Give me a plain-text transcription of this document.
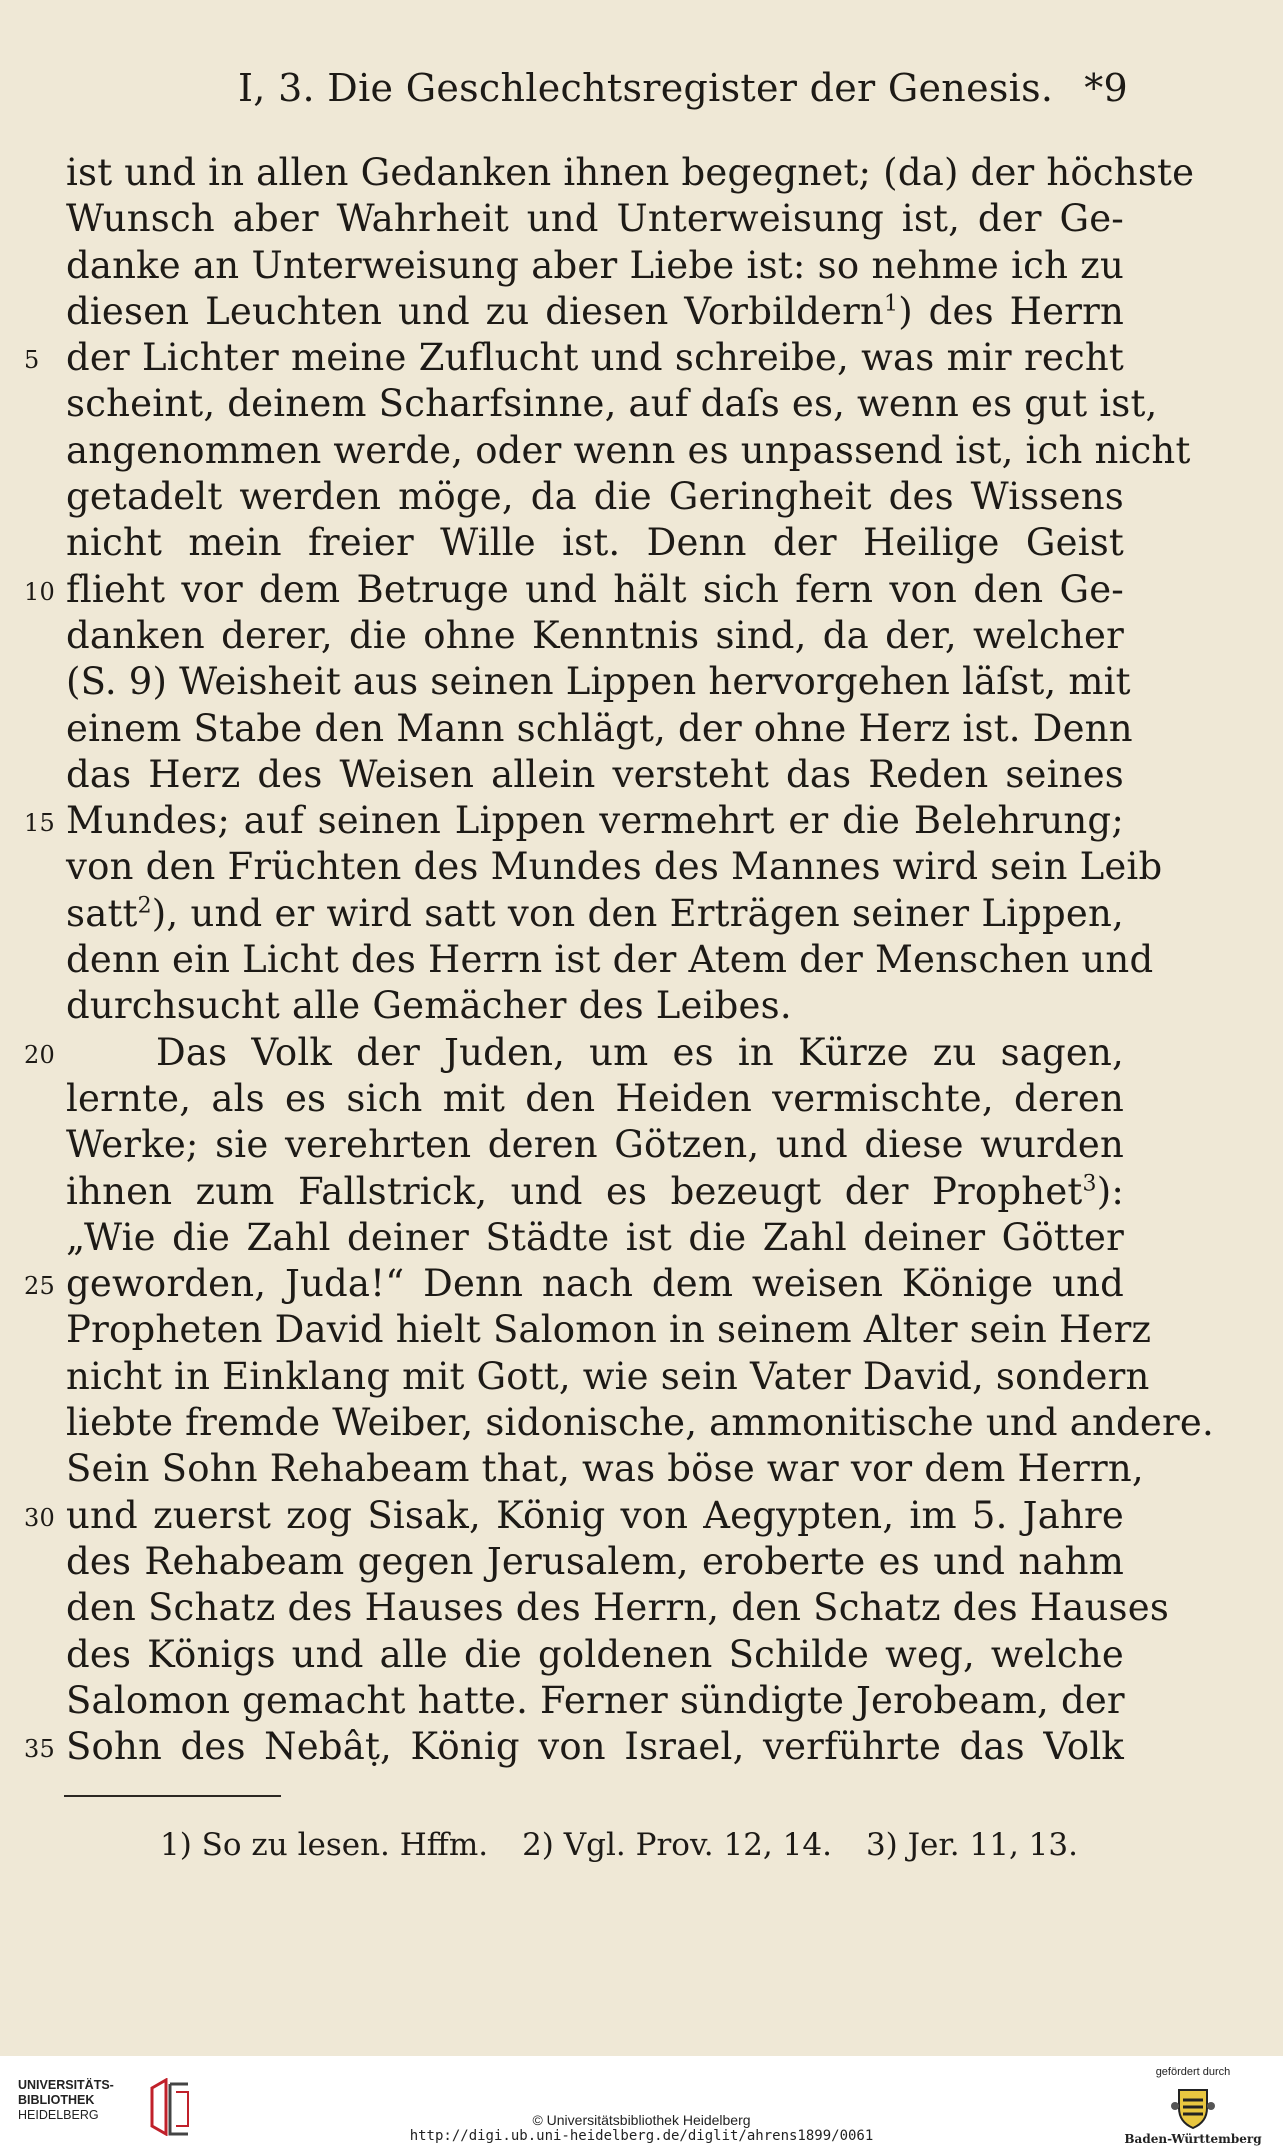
I, 3. Die Geschlechtsregister der Genesis. *9
ist und in allen Gedanken ihnen begegnet; (da) der höchste
Wunsch aber Wahrheit und Unterweisung ist, der Ge-
danke an Unterweisung aber Liebe ist: so nehme ich zu
diesen Leuchten und zu diesen Vorbildern$^1$) des Herrn
5 der Lichter meine Zuflucht und schreibe, was mir recht
scheint, deinem Scharfsinne, auf daſs es, wenn es gut ist,
angenommen werde, oder wenn es unpassend ist, ich nicht
getadelt werden möge, da die Geringheit des Wissens
nicht mein freier Wille ist. Denn der Heilige Geist
10 flieht vor dem Betruge und hält sich fern von den Ge-
danken derer, die ohne Kenntnis sind, da der, welcher
(S. 9) Weisheit aus seinen Lippen hervorgehen läſst, mit
einem Stabe den Mann schlägt, der ohne Herz ist. Denn
das Herz des Weisen allein versteht das Reden seines
15 Mundes; auf seinen Lippen vermehrt er die Belehrung;
von den Früchten des Mundes des Mannes wird sein Leib
satt$^2$), und er wird satt von den Erträgen seiner Lippen,
denn ein Licht des Herrn ist der Atem der Menschen und
durchsucht alle Gemächer des Leibes.
20	Das Volk der Juden, um es in Kürze zu sagen,
lernte, als es sich mit den Heiden vermischte, deren
Werke; sie verehrten deren Götzen, und diese wurden
ihnen zum Fallstrick, und es bezeugt der Prophet$^3$):
„Wie die Zahl deiner Städte ist die Zahl deiner Götter
25 geworden, Juda!“ Denn nach dem weisen Könige und
Propheten David hielt Salomon in seinem Alter sein Herz
nicht in Einklang mit Gott, wie sein Vater David, sondern
liebte fremde Weiber, sidonische, ammonitische und andere.
Sein Sohn Rehabeam that, was böse war vor dem Herrn,
30 und zuerst zog Sisak, König von Aegypten, im 5. Jahre
des Rehabeam gegen Jerusalem, eroberte es und nahm
den Schatz des Hauses des Herrn, den Schatz des Hauses
des Königs und alle die goldenen Schilde weg, welche
Salomon gemacht hatte. Ferner sündigte Jerobeam, der
35 Sohn des Nebâṭ, König von Israel, verführte das Volk
1) So zu lesen. Hffm. 2) Vgl. Prov. 12, 14. 3) Jer. 11, 13.
UNIVERSITÄTS-
BIBLIOTHEK
HEIDELBERG	© Universitätsbibliothek Heidelberg
http://digi.ub.uni-heidelberg.de/diglit/ahrens1899/0061
gefördert durch
Baden-Württemberg
